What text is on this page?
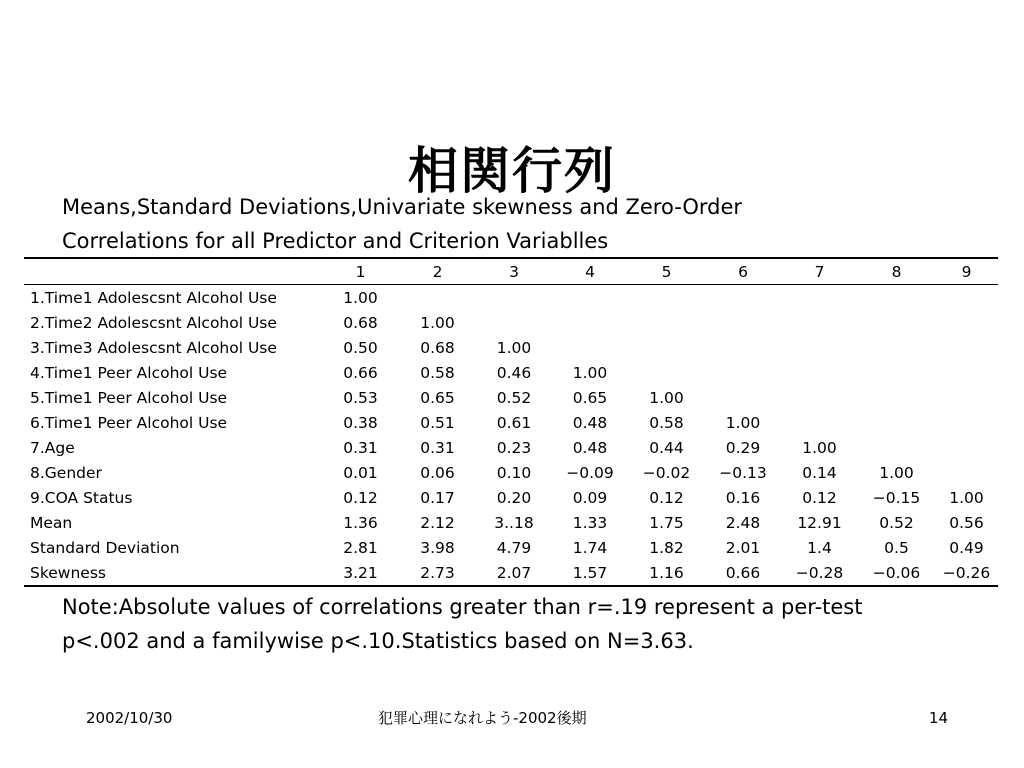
相関行列
Means,Standard Deviations,Univariate skewness and Zero-Order
Correlations for all Predictor and Criterion Variablles
	1	2	3	4	5	6	7	8	9	
1.Time1 Adolescsnt Alcohol Use	1.00									
2.Time2 Adolescsnt Alcohol Use	0.68	1.00								
3.Time3 Adolescsnt Alcohol Use	0.50	0.68	1.00							
4.Time1 Peer Alcohol Use	0.66	0.58	0.46	1.00						
5.Time1 Peer Alcohol Use	0.53	0.65	0.52	0.65	1.00					
6.Time1 Peer Alcohol Use	0.38	0.51	0.61	0.48	0.58	1.00				
7.Age	0.31	0.31	0.23	0.48	0.44	0.29	1.00			
8.Gender	0.01	0.06	0.10	−0.09	−0.02	−0.13	0.14	1.00		
9.COA Status	0.12	0.17	0.20	0.09	0.12	0.16	0.12	−0.15	1.00	
Mean	1.36	2.12	3..18	1.33	1.75	2.48	12.91	0.52	0.56	
Standard Deviation	2.81	3.98	4.79	1.74	1.82	2.01	1.4	0.5	0.49	
Skewness	3.21	2.73	2.07	1.57	1.16	0.66	−0.28	−0.06	−0.26	
Note:Absolute values of correlations greater than r=.19 represent a per-test
p<.002 and a familywise p<.10.Statistics based on N=3.63.
2002/10/30	犯罪心理になれよう-2002後期	14
